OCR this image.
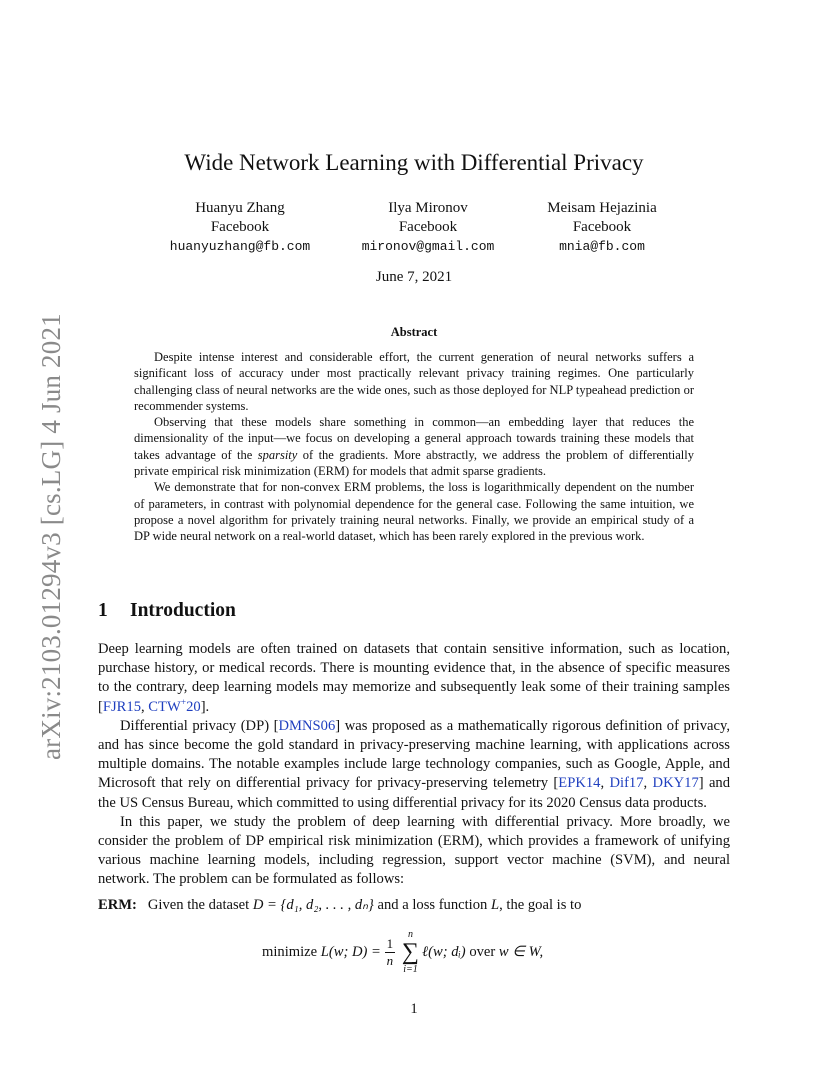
arXiv:2103.01294v3 [cs.LG] 4 Jun 2021
Wide Network Learning with Differential Privacy
Huanyu Zhang
Facebook
huanyuzhang@fb.com
Ilya Mironov
Facebook
mironov@gmail.com
Meisam Hejazinia
Facebook
mnia@fb.com
June 7, 2021
Abstract

Despite intense interest and considerable effort, the current generation of neural networks suffers a significant loss of accuracy under most practically relevant privacy training regimes. One particularly challenging class of neural networks are the wide ones, such as those deployed for NLP typeahead prediction or recommender systems.

Observing that these models share something in common—an embedding layer that reduces the dimensionality of the input—we focus on developing a general approach towards training these models that takes advantage of the sparsity of the gradients. More abstractly, we address the problem of differentially private empirical risk minimization (ERM) for models that admit sparse gradients.

We demonstrate that for non-convex ERM problems, the loss is logarithmically dependent on the number of parameters, in contrast with polynomial dependence for the general case. Following the same intuition, we propose a novel algorithm for privately training neural networks. Finally, we provide an empirical study of a DP wide neural network on a real-world dataset, which has been rarely explored in the previous work.

1 Introduction

Deep learning models are often trained on datasets that contain sensitive information, such as location, purchase history, or medical records. There is mounting evidence that, in the absence of specific measures to the contrary, deep learning models may memorize and subsequently leak some of their training samples [FJR15, CTW+20].

Differential privacy (DP) [DMNS06] was proposed as a mathematically rigorous definition of privacy, and has since become the gold standard in privacy-preserving machine learning, with applications across multiple domains. The notable examples include large technology companies, such as Google, Apple, and Microsoft that rely on differential privacy for privacy-preserving telemetry [EPK14, Dif17, DKY17] and the US Census Bureau, which committed to using differential privacy for its 2020 Census data products.

In this paper, we study the problem of deep learning with differential privacy. More broadly, we consider the problem of DP empirical risk minimization (ERM), which provides a framework of unifying various machine learning models, including regression, support vector machine (SVM), and neural network. The problem can be formulated as follows:

ERM: Given the dataset D = {d₁, d₂, . . . , dₙ} and a loss function L, the goal is to

minimize
L(w; $D) = \frac{1}{n}$
n
∑
i=1
ℓ(w; dᵢ)
over
w ∈ W,
1
